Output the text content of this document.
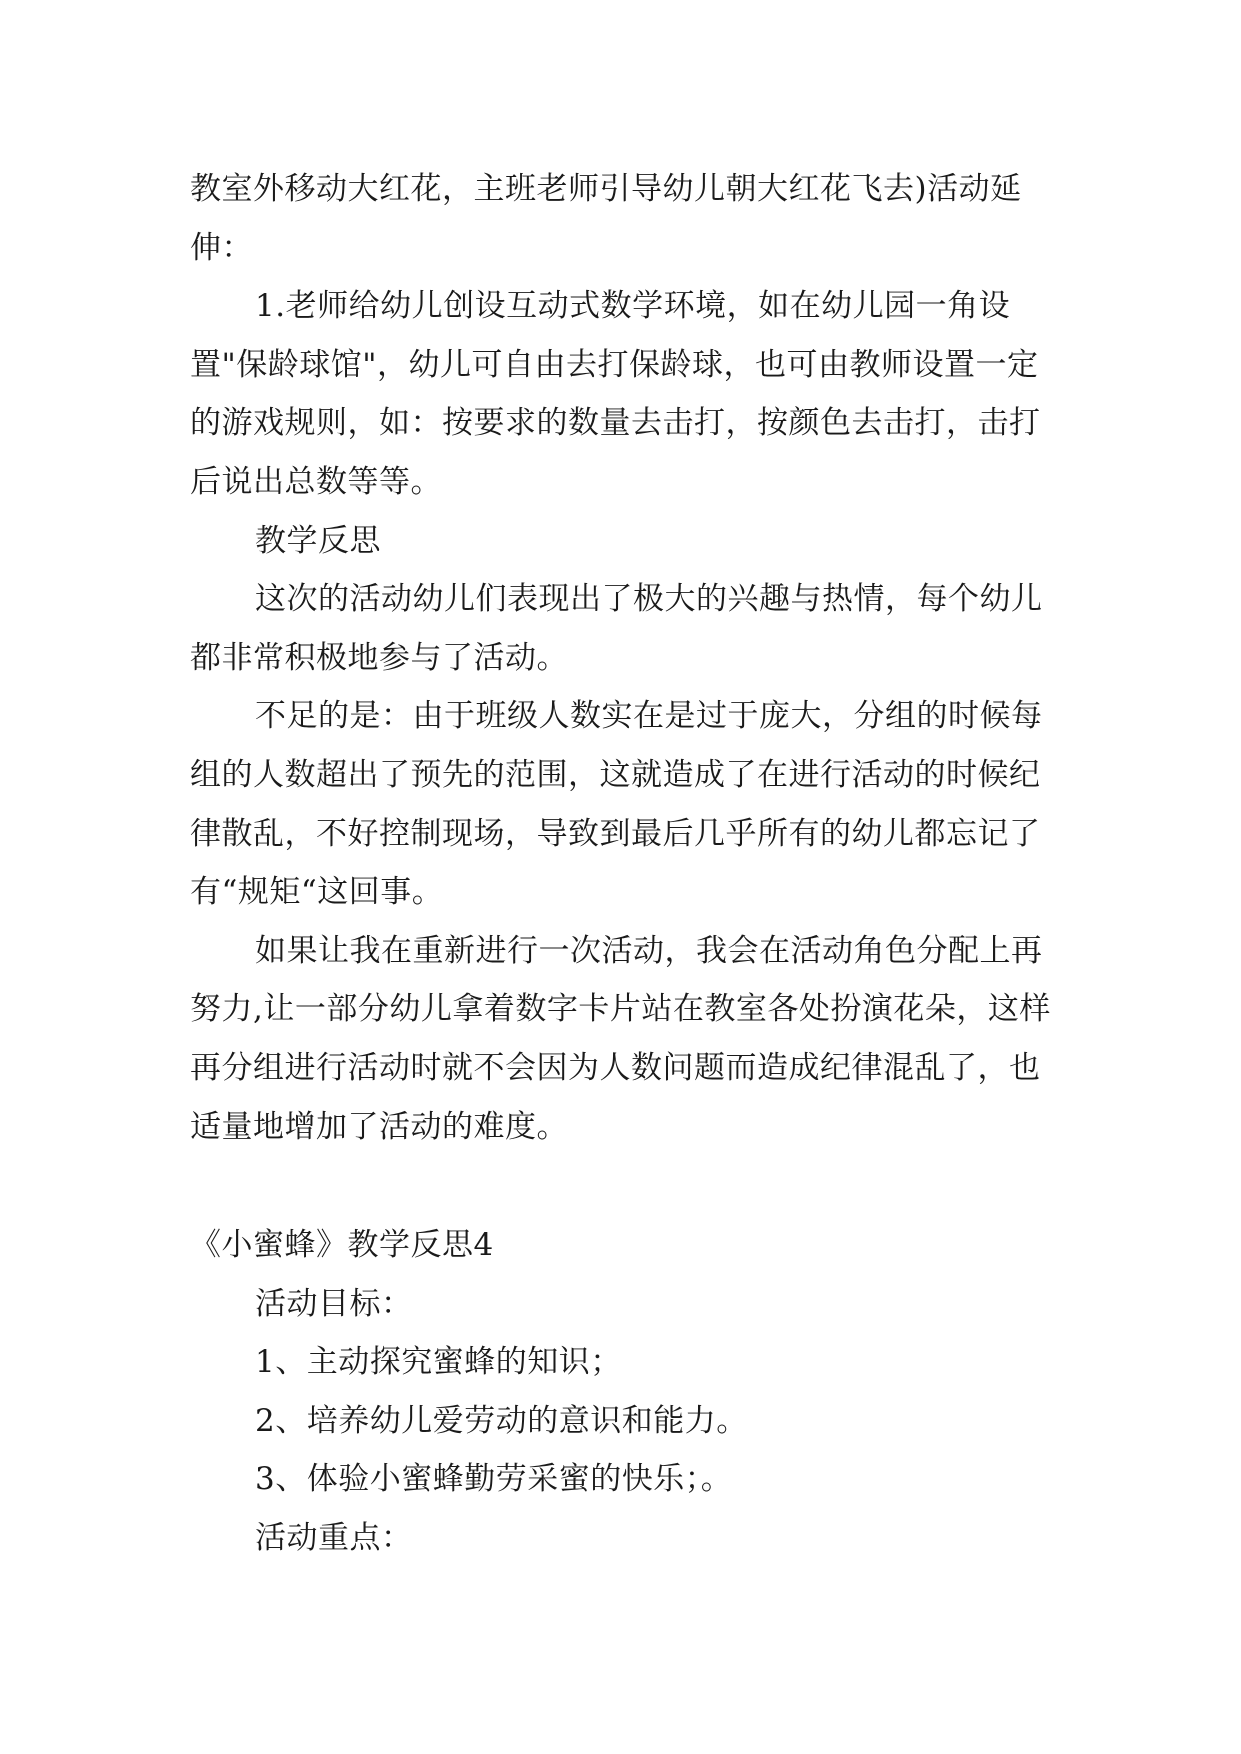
教室外移动大红花，主班老师引导幼儿朝大红花飞去)活动延伸：

1.老师给幼儿创设互动式数学环境，如在幼儿园一角设置"保龄球馆"，幼儿可自由去打保龄球，也可由教师设置一定的游戏规则，如：按要求的数量去击打，按颜色去击打，击打后说出总数等等。

教学反思

这次的活动幼儿们表现出了极大的兴趣与热情，每个幼儿都非常积极地参与了活动。

不足的是：由于班级人数实在是过于庞大，分组的时候每组的人数超出了预先的范围，这就造成了在进行活动的时候纪律散乱，不好控制现场，导致到最后几乎所有的幼儿都忘记了有“规矩“这回事。

如果让我在重新进行一次活动，我会在活动角色分配上再努力,让一部分幼儿拿着数字卡片站在教室各处扮演花朵，这样再分组进行活动时就不会因为人数问题而造成纪律混乱了，也适量地增加了活动的难度。

《小蜜蜂》教学反思4

活动目标：

1、主动探究蜜蜂的知识；

2、培养幼儿爱劳动的意识和能力。

3、体验小蜜蜂勤劳采蜜的快乐；。

活动重点：
